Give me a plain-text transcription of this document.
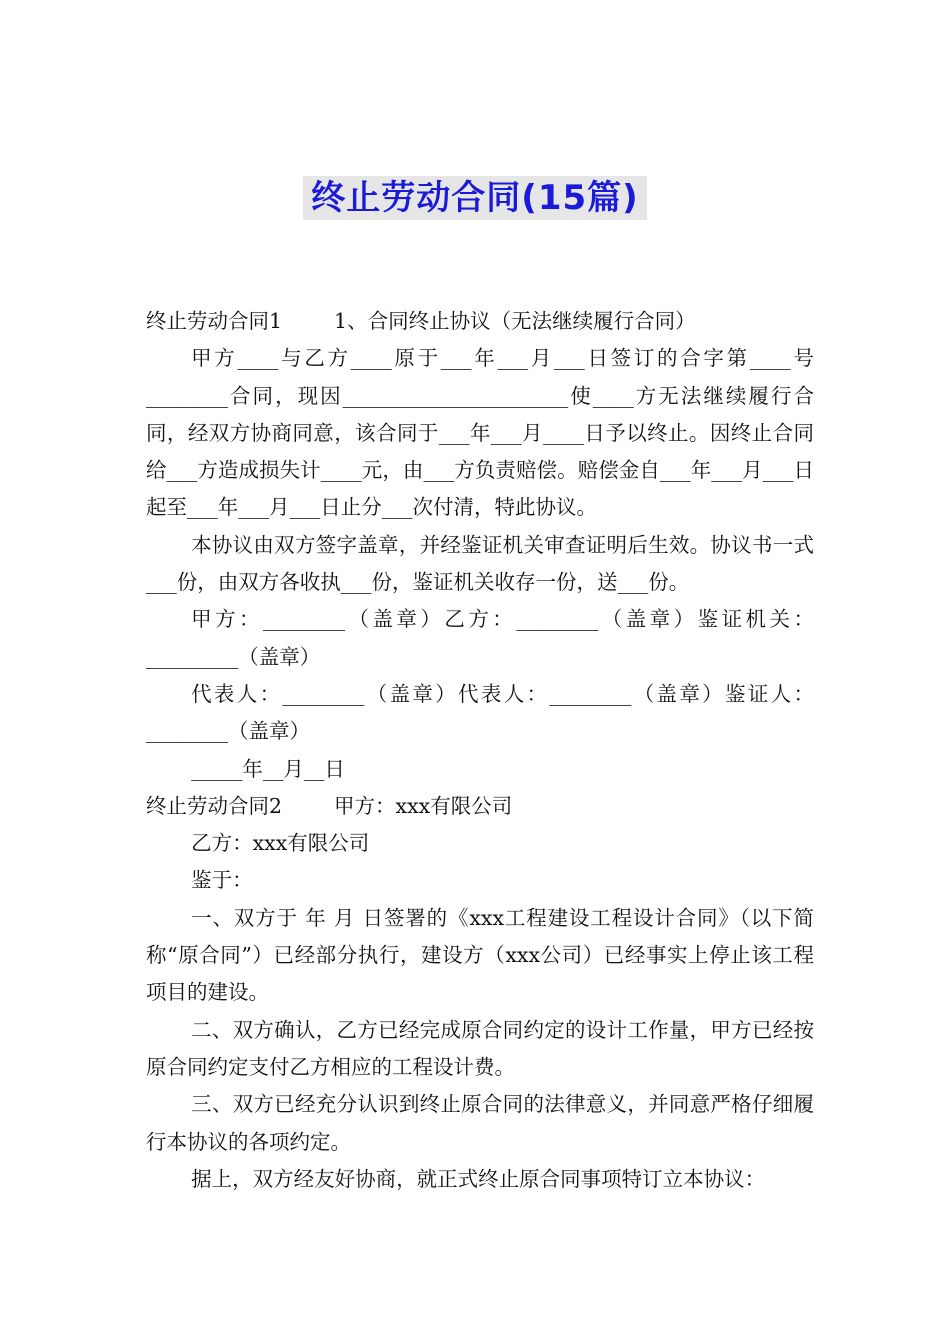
终止劳动合同(15篇)

终止劳动合同1	1、合同终止协议（无法继续履行合同）

甲方____与乙方____原于___年___月___日签订的合字第____号________合同，现因______________________使____方无法继续履行合同，经双方协商同意，该合同于___年___月____日予以终止。因终止合同给___方造成损失计____元，由___方负责赔偿。赔偿金自___年___月___日起至___年___月___日止分___次付清，特此协议。

本协议由双方签字盖章，并经鉴证机关审查证明后生效。协议书一式___份，由双方各收执___份，鉴证机关收存一份，送___份。

甲方：________（盖章）乙方：________（盖章）鉴证机关：_________（盖章）

代表人：________（盖章）代表人：________（盖章）鉴证人：________（盖章）

_____年__月__日

终止劳动合同2	甲方：xxx有限公司

乙方：xxx有限公司

鉴于：

一、双方于 年 月 日签署的《xxx工程建设工程设计合同》（以下简称“原合同”）已经部分执行，建设方（xxx公司）已经事实上停止该工程项目的建设。

二、双方确认，乙方已经完成原合同约定的设计工作量，甲方已经按原合同约定支付乙方相应的工程设计费。

三、双方已经充分认识到终止原合同的法律意义，并同意严格仔细履行本协议的各项约定。

据上，双方经友好协商，就正式终止原合同事项特订立本协议：
